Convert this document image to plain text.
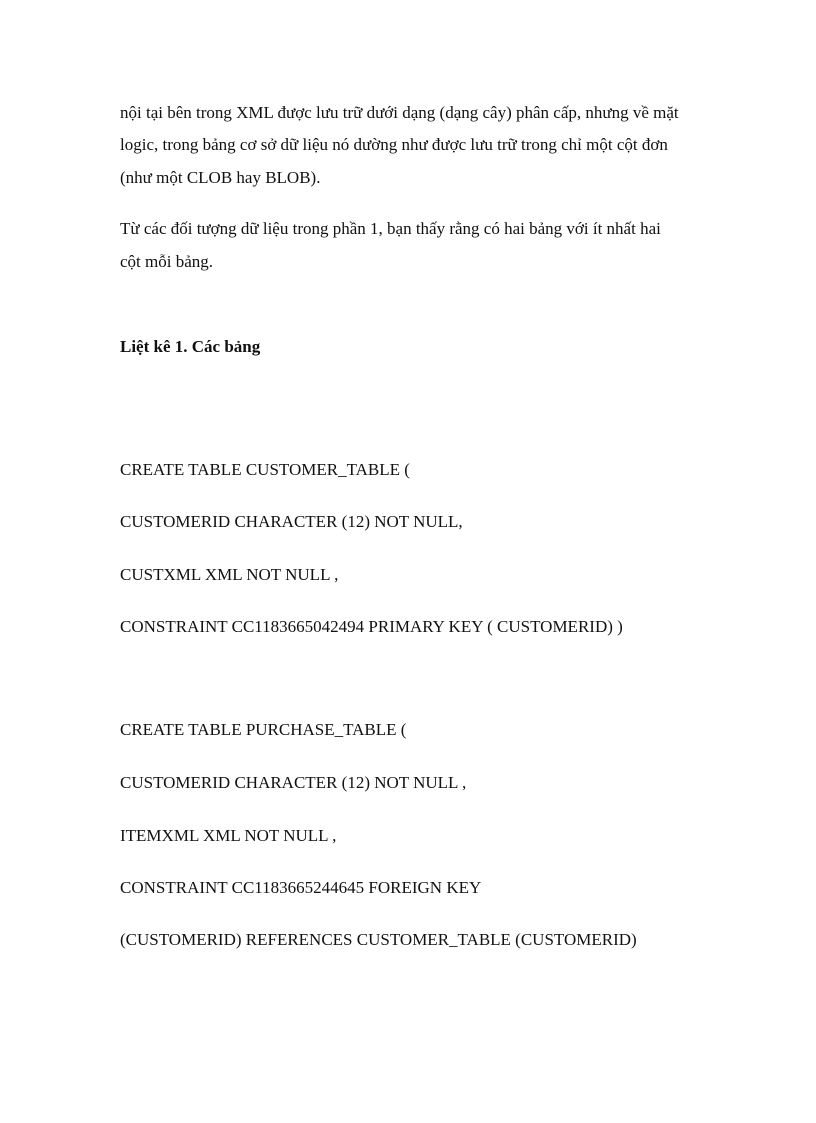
nội tại bên trong XML được lưu trữ dưới dạng (dạng cây) phân cấp, nhưng về mặt
logic, trong bảng cơ sở dữ liệu nó dường như được lưu trữ trong chỉ một cột đơn
(như một CLOB hay BLOB).
Từ các đối tượng dữ liệu trong phần 1, bạn thấy rằng có hai bảng với ít nhất hai
cột mỗi bảng.
Liệt kê 1. Các bảng
CREATE TABLE CUSTOMER_TABLE (
CUSTOMERID CHARACTER (12) NOT NULL,
CUSTXML XML NOT NULL ,
CONSTRAINT CC1183665042494 PRIMARY KEY ( CUSTOMERID) )
CREATE TABLE PURCHASE_TABLE (
CUSTOMERID CHARACTER (12) NOT NULL ,
ITEMXML XML NOT NULL ,
CONSTRAINT CC1183665244645 FOREIGN KEY
(CUSTOMERID) REFERENCES CUSTOMER_TABLE (CUSTOMERID)
